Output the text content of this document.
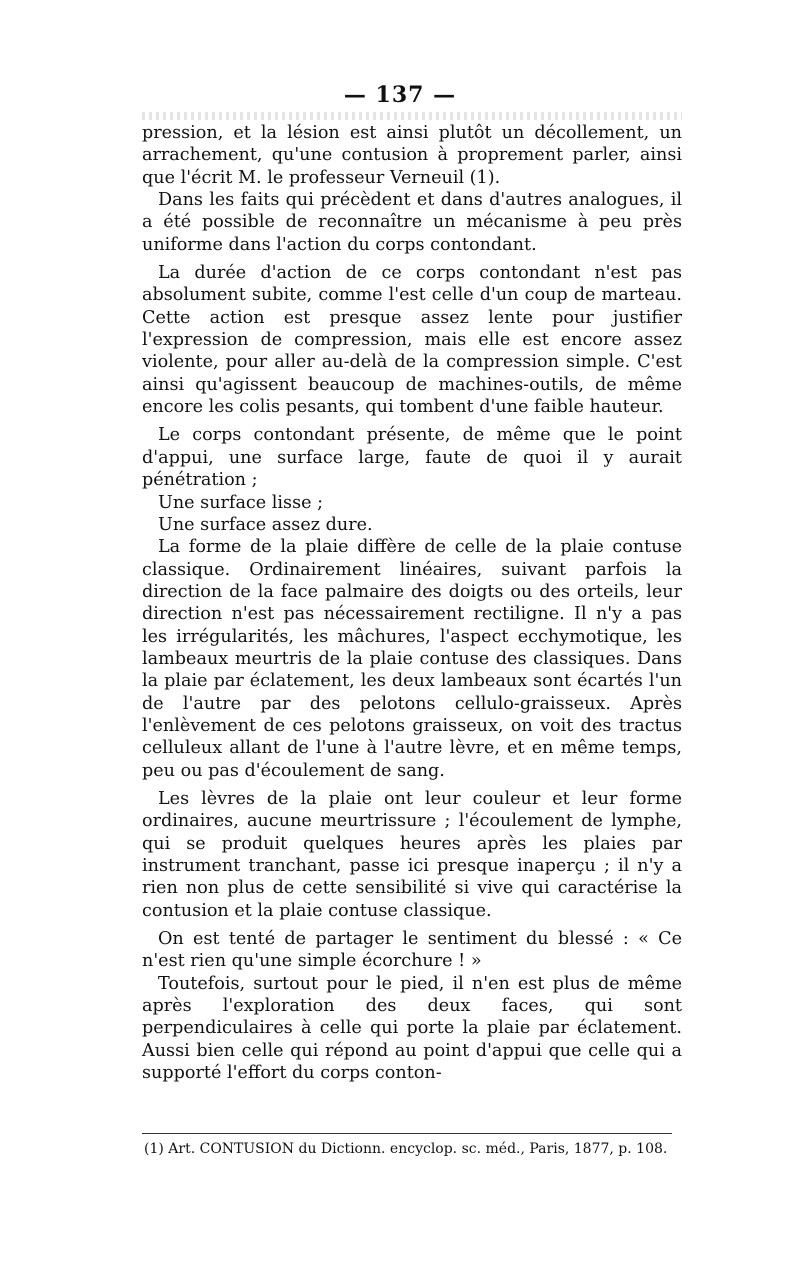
— 137 —

pression, et la lésion est ainsi plutôt un décollement, un arrachement, qu'une contusion à proprement parler, ainsi que l'écrit M. le professeur Verneuil (1).

Dans les faits qui précèdent et dans d'autres analogues, il a été possible de reconnaître un mécanisme à peu près uniforme dans l'action du corps contondant.

La durée d'action de ce corps contondant n'est pas absolument subite, comme l'est celle d'un coup de marteau. Cette action est presque assez lente pour justifier l'expression de compression, mais elle est encore assez violente, pour aller au-delà de la compression simple. C'est ainsi qu'agissent beaucoup de machines-outils, de même encore les colis pesants, qui tombent d'une faible hauteur.

Le corps contondant présente, de même que le point d'appui, une surface large, faute de quoi il y aurait pénétration ;

Une surface lisse ;

Une surface assez dure.

La forme de la plaie diffère de celle de la plaie contuse classique. Ordinairement linéaires, suivant parfois la direction de la face palmaire des doigts ou des orteils, leur direction n'est pas nécessairement rectiligne. Il n'y a pas les irrégularités, les mâchures, l'aspect ecchymotique, les lambeaux meurtris de la plaie contuse des classiques. Dans la plaie par éclatement, les deux lambeaux sont écartés l'un de l'autre par des pelotons cellulo-graisseux. Après l'enlèvement de ces pelotons graisseux, on voit des tractus celluleux allant de l'une à l'autre lèvre, et en même temps, peu ou pas d'écoulement de sang.

Les lèvres de la plaie ont leur couleur et leur forme ordinaires, aucune meurtrissure ; l'écoulement de lymphe, qui se produit quelques heures après les plaies par instrument tranchant, passe ici presque inaperçu ; il n'y a rien non plus de cette sensibilité si vive qui caractérise la contusion et la plaie contuse classique.

On est tenté de partager le sentiment du blessé : « Ce n'est rien qu'une simple écorchure ! »

Toutefois, surtout pour le pied, il n'en est plus de même après l'exploration des deux faces, qui sont perpendiculaires à celle qui porte la plaie par éclatement. Aussi bien celle qui répond au point d'appui que celle qui a supporté l'effort du corps conton-

(1) Art. CONTUSION du Dictionn. encyclop. sc. méd., Paris, 1877, p. 108.
